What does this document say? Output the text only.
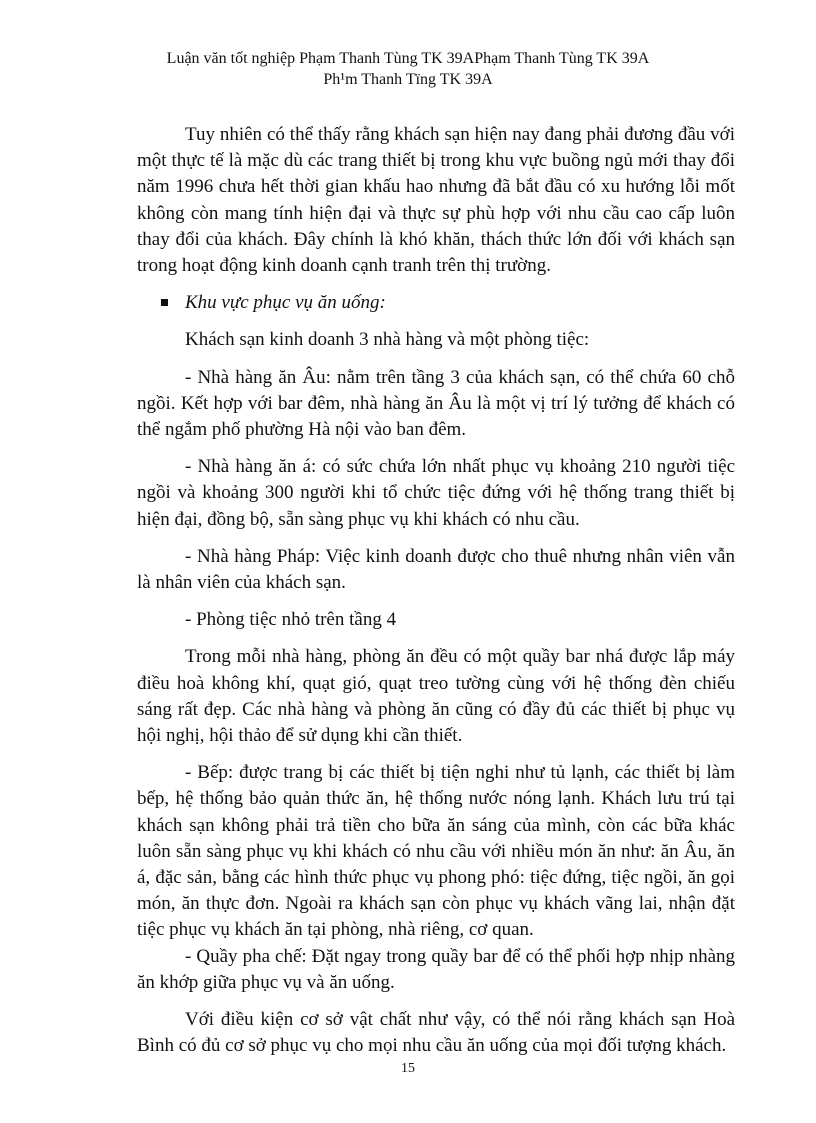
Luận văn tốt nghiệp Phạm Thanh Tùng TK 39APhạm Thanh Tùng TK 39A
Ph¹m Thanh Tïng TK 39A

Tuy nhiên có thể thấy rằng khách sạn hiện nay đang phải đương đầu với một thực tế là mặc dù các trang thiết bị trong khu vực buồng ngủ mới thay đổi năm 1996 chưa hết thời gian khấu hao nhưng đã bắt đầu có xu hướng lỗi mốt không còn mang tính hiện đại và thực sự phù hợp với nhu cầu cao cấp luôn thay đổi của khách. Đây chính là khó khăn, thách thức lớn đối với khách sạn trong hoạt động kinh doanh cạnh tranh trên thị trường.

Khu vực phục vụ ăn uống:

Khách sạn kinh doanh 3 nhà hàng và một phòng tiệc:

- Nhà hàng ăn Âu: nằm trên tầng 3 của khách sạn, có thể chứa 60 chỗ ngồi. Kết hợp với bar đêm, nhà hàng ăn Âu là một vị trí lý tưởng để khách có thể ngắm phố phường Hà nội vào ban đêm.

- Nhà hàng ăn á: có sức chứa lớn nhất phục vụ khoảng 210 người tiệc ngồi và khoảng 300 người khi tổ chức tiệc đứng với hệ thống trang thiết bị hiện đại, đồng bộ, sẵn sàng phục vụ khi khách có nhu cầu.

- Nhà hàng Pháp: Việc kinh doanh được cho thuê nhưng nhân viên vẫn là nhân viên của khách sạn.

- Phòng tiệc nhỏ trên tầng 4

Trong mỗi nhà hàng, phòng ăn đều có một quầy bar nhá được lắp máy điều hoà không khí, quạt gió, quạt treo tường cùng với hệ thống đèn chiếu sáng rất đẹp. Các nhà hàng và phòng ăn cũng có đầy đủ các thiết bị phục vụ hội nghị, hội thảo để sử dụng khi cần thiết.

- Bếp: được trang bị các thiết bị tiện nghi như tủ lạnh, các thiết bị làm bếp, hệ thống bảo quản thức ăn, hệ thống nước nóng lạnh. Khách lưu trú tại khách sạn không phải trả tiền cho bữa ăn sáng của mình, còn các bữa khác luôn sẵn sàng phục vụ khi khách có nhu cầu với nhiều món ăn như: ăn Âu, ăn á, đặc sản, bằng các hình thức phục vụ phong phó: tiệc đứng, tiệc ngồi, ăn gọi món, ăn thực đơn. Ngoài ra khách sạn còn phục vụ khách vãng lai, nhận đặt tiệc phục vụ khách ăn tại phòng, nhà riêng, cơ quan.

- Quầy pha chế: Đặt ngay trong quầy bar để có thể phối hợp nhịp nhàng ăn khớp giữa phục vụ và ăn uống.

Với điều kiện cơ sở vật chất như vậy, có thể nói rằng khách sạn Hoà Bình có đủ cơ sở phục vụ cho mọi nhu cầu ăn uống của mọi đối tượng khách.

15
